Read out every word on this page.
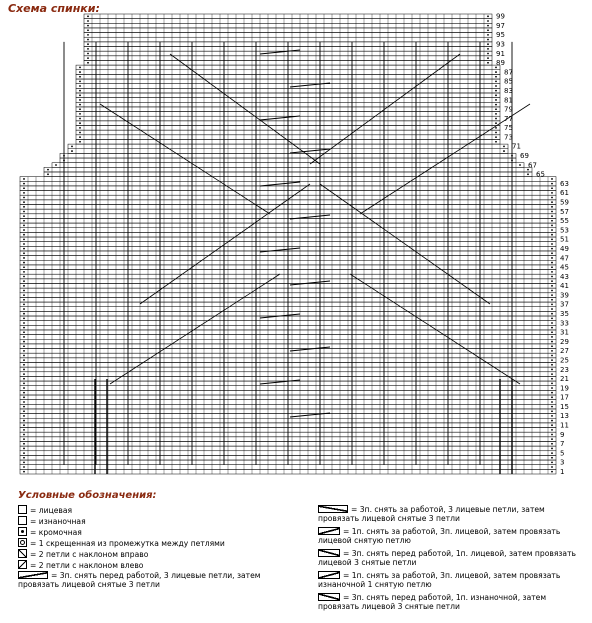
99
97
95
93
91
89
87
85
83
81
79
77
75
73
71
69
67
65
63
61
59
57
55
53
51
49
47
45
43
41
39
37
35
33
31
29
27
25
23
21
19
17
15
13
11
9
7
5
3
1
Схема спинки:
Условные обозначения:
= лицевая
= изнаночная
= кромочная
= 1 скрещенная из промежутка между петлями
= 2 петли с наклоном вправо
= 2 петли с наклоном влево
= 3п. снять перед работой, 3 лицевые петли, затем провязать лицевой снятые 3 петли
= 3п. снять за работой, 3 лицевые петли, затем провязать лицевой снятые 3 петли
= 1п. снять за работой, 3п. лицевой, затем провязать лицевой снятую петлю
= 3п. снять перед работой, 1п. лицевой, затем провязать лицевой 3 снятые петли
= 1п. снять за работой, 3п. лицевой, затем провязать изнаночной 1 снятую петлю
= 3п. снять перед работой, 1п. изнаночной, затем провязать лицевой 3 снятые петли
